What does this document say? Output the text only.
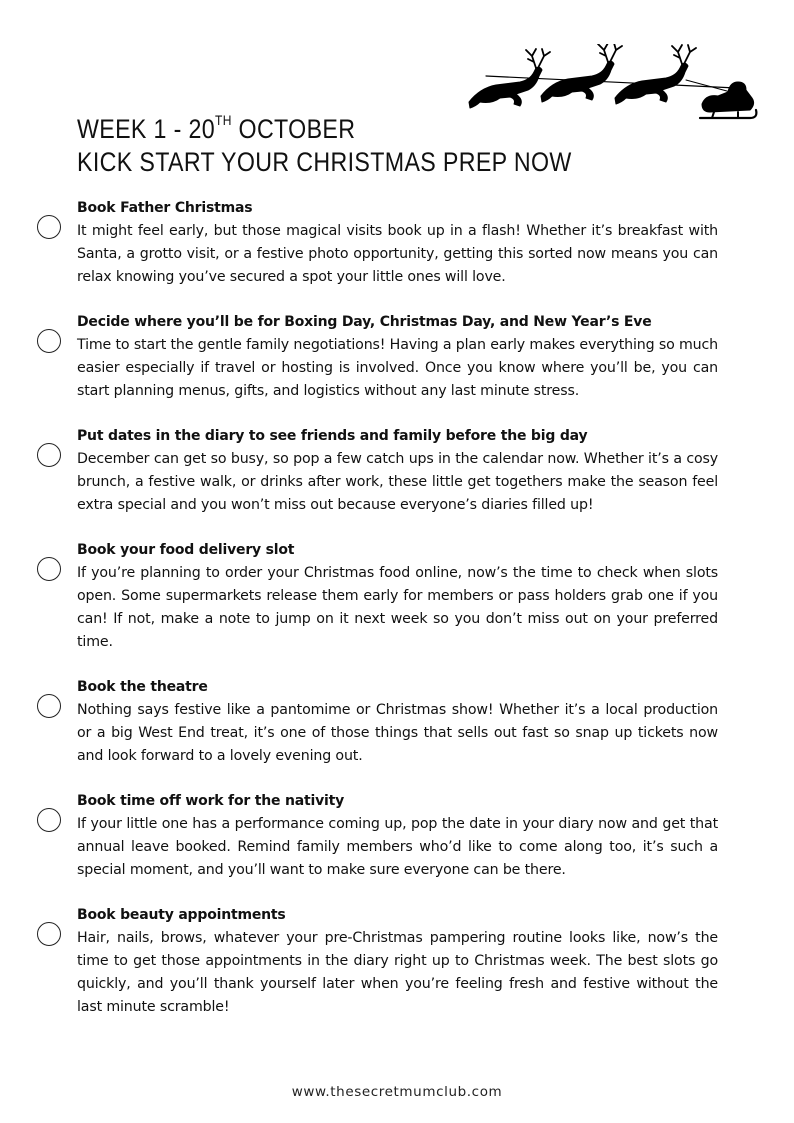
WEEK 1 - 20TH OCTOBER
KICK START YOUR CHRISTMAS PREP NOW
Book Father Christmas

It might feel early, but those magical visits book up in a flash! Whether it’s breakfast with Santa, a grotto visit, or a festive photo opportunity, getting this sorted now means you can relax knowing you’ve secured a spot your little ones will love.

Decide where you’ll be for Boxing Day, Christmas Day, and New Year’s Eve

Time to start the gentle family negotiations! Having a plan early makes everything so much easier especially if travel or hosting is involved. Once you know where you’ll be, you can start planning menus, gifts, and logistics without any last minute stress.

Put dates in the diary to see friends and family before the big day

December can get so busy, so pop a few catch ups in the calendar now. Whether it’s a cosy brunch, a festive walk, or drinks after work, these little get togethers make the season feel extra special and you won’t miss out because everyone’s diaries filled up!

Book your food delivery slot

If you’re planning to order your Christmas food online, now’s the time to check when slots open. Some supermarkets release them early for members or pass holders grab one if you can! If not, make a note to jump on it next week so you don’t miss out on your preferred time.

Book the theatre

Nothing says festive like a pantomime or Christmas show! Whether it’s a local production or a big West End treat, it’s one of those things that sells out fast so snap up tickets now and look forward to a lovely evening out.

Book time off work for the nativity

If your little one has a performance coming up, pop the date in your diary now and get that annual leave booked. Remind family members who’d like to come along too, it’s such a special moment, and you’ll want to make sure everyone can be there.

Book beauty appointments

Hair, nails, brows, whatever your pre-Christmas pampering routine looks like, now’s the time to get those appointments in the diary right up to Christmas week. The best slots go quickly, and you’ll thank yourself later when you’re feeling fresh and festive without the last minute scramble!

www.thesecretmumclub.com
